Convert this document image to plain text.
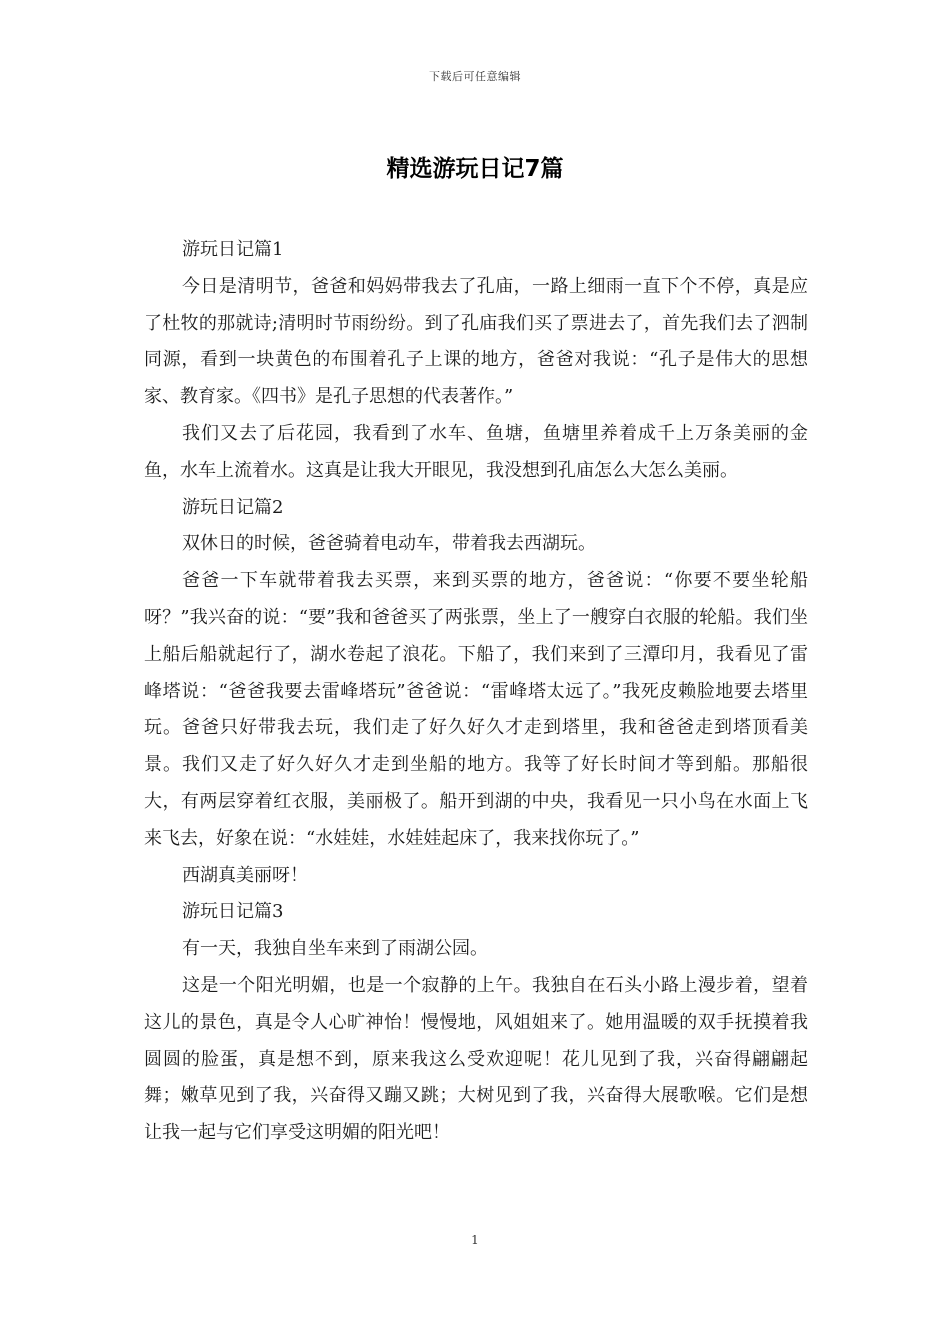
下载后可任意编辑
精选游玩日记7篇

游玩日记篇1

今日是清明节，爸爸和妈妈带我去了孔庙，一路上细雨一直下个不停，真是应了杜牧的那就诗;清明时节雨纷纷。到了孔庙我们买了票进去了，首先我们去了泗制同源，看到一块黄色的布围着孔子上课的地方，爸爸对我说：“孔子是伟大的思想家、教育家。《四书》是孔子思想的代表著作。”

我们又去了后花园，我看到了水车、鱼塘，鱼塘里养着成千上万条美丽的金鱼，水车上流着水。这真是让我大开眼见，我没想到孔庙怎么大怎么美丽。

游玩日记篇2

双休日的时候，爸爸骑着电动车，带着我去西湖玩。

爸爸一下车就带着我去买票，来到买票的地方，爸爸说：“你要不要坐轮船呀？”我兴奋的说：“要”我和爸爸买了两张票，坐上了一艘穿白衣服的轮船。我们坐上船后船就起行了，湖水卷起了浪花。下船了，我们来到了三潭印月，我看见了雷峰塔说：“爸爸我要去雷峰塔玩”爸爸说：“雷峰塔太远了。”我死皮赖脸地要去塔里玩。爸爸只好带我去玩，我们走了好久好久才走到塔里，我和爸爸走到塔顶看美景。我们又走了好久好久才走到坐船的地方。我等了好长时间才等到船。那船很大，有两层穿着红衣服，美丽极了。船开到湖的中央，我看见一只小鸟在水面上飞来飞去，好象在说：“水娃娃，水娃娃起床了，我来找你玩了。”

西湖真美丽呀！

游玩日记篇3

有一天，我独自坐车来到了雨湖公园。

这是一个阳光明媚，也是一个寂静的上午。我独自在石头小路上漫步着，望着这儿的景色，真是令人心旷神怡！慢慢地，风姐姐来了。她用温暖的双手抚摸着我圆圆的脸蛋，真是想不到，原来我这么受欢迎呢！花儿见到了我，兴奋得翩翩起舞；嫩草见到了我，兴奋得又蹦又跳；大树见到了我，兴奋得大展歌喉。它们是想让我一起与它们享受这明媚的阳光吧！

1
